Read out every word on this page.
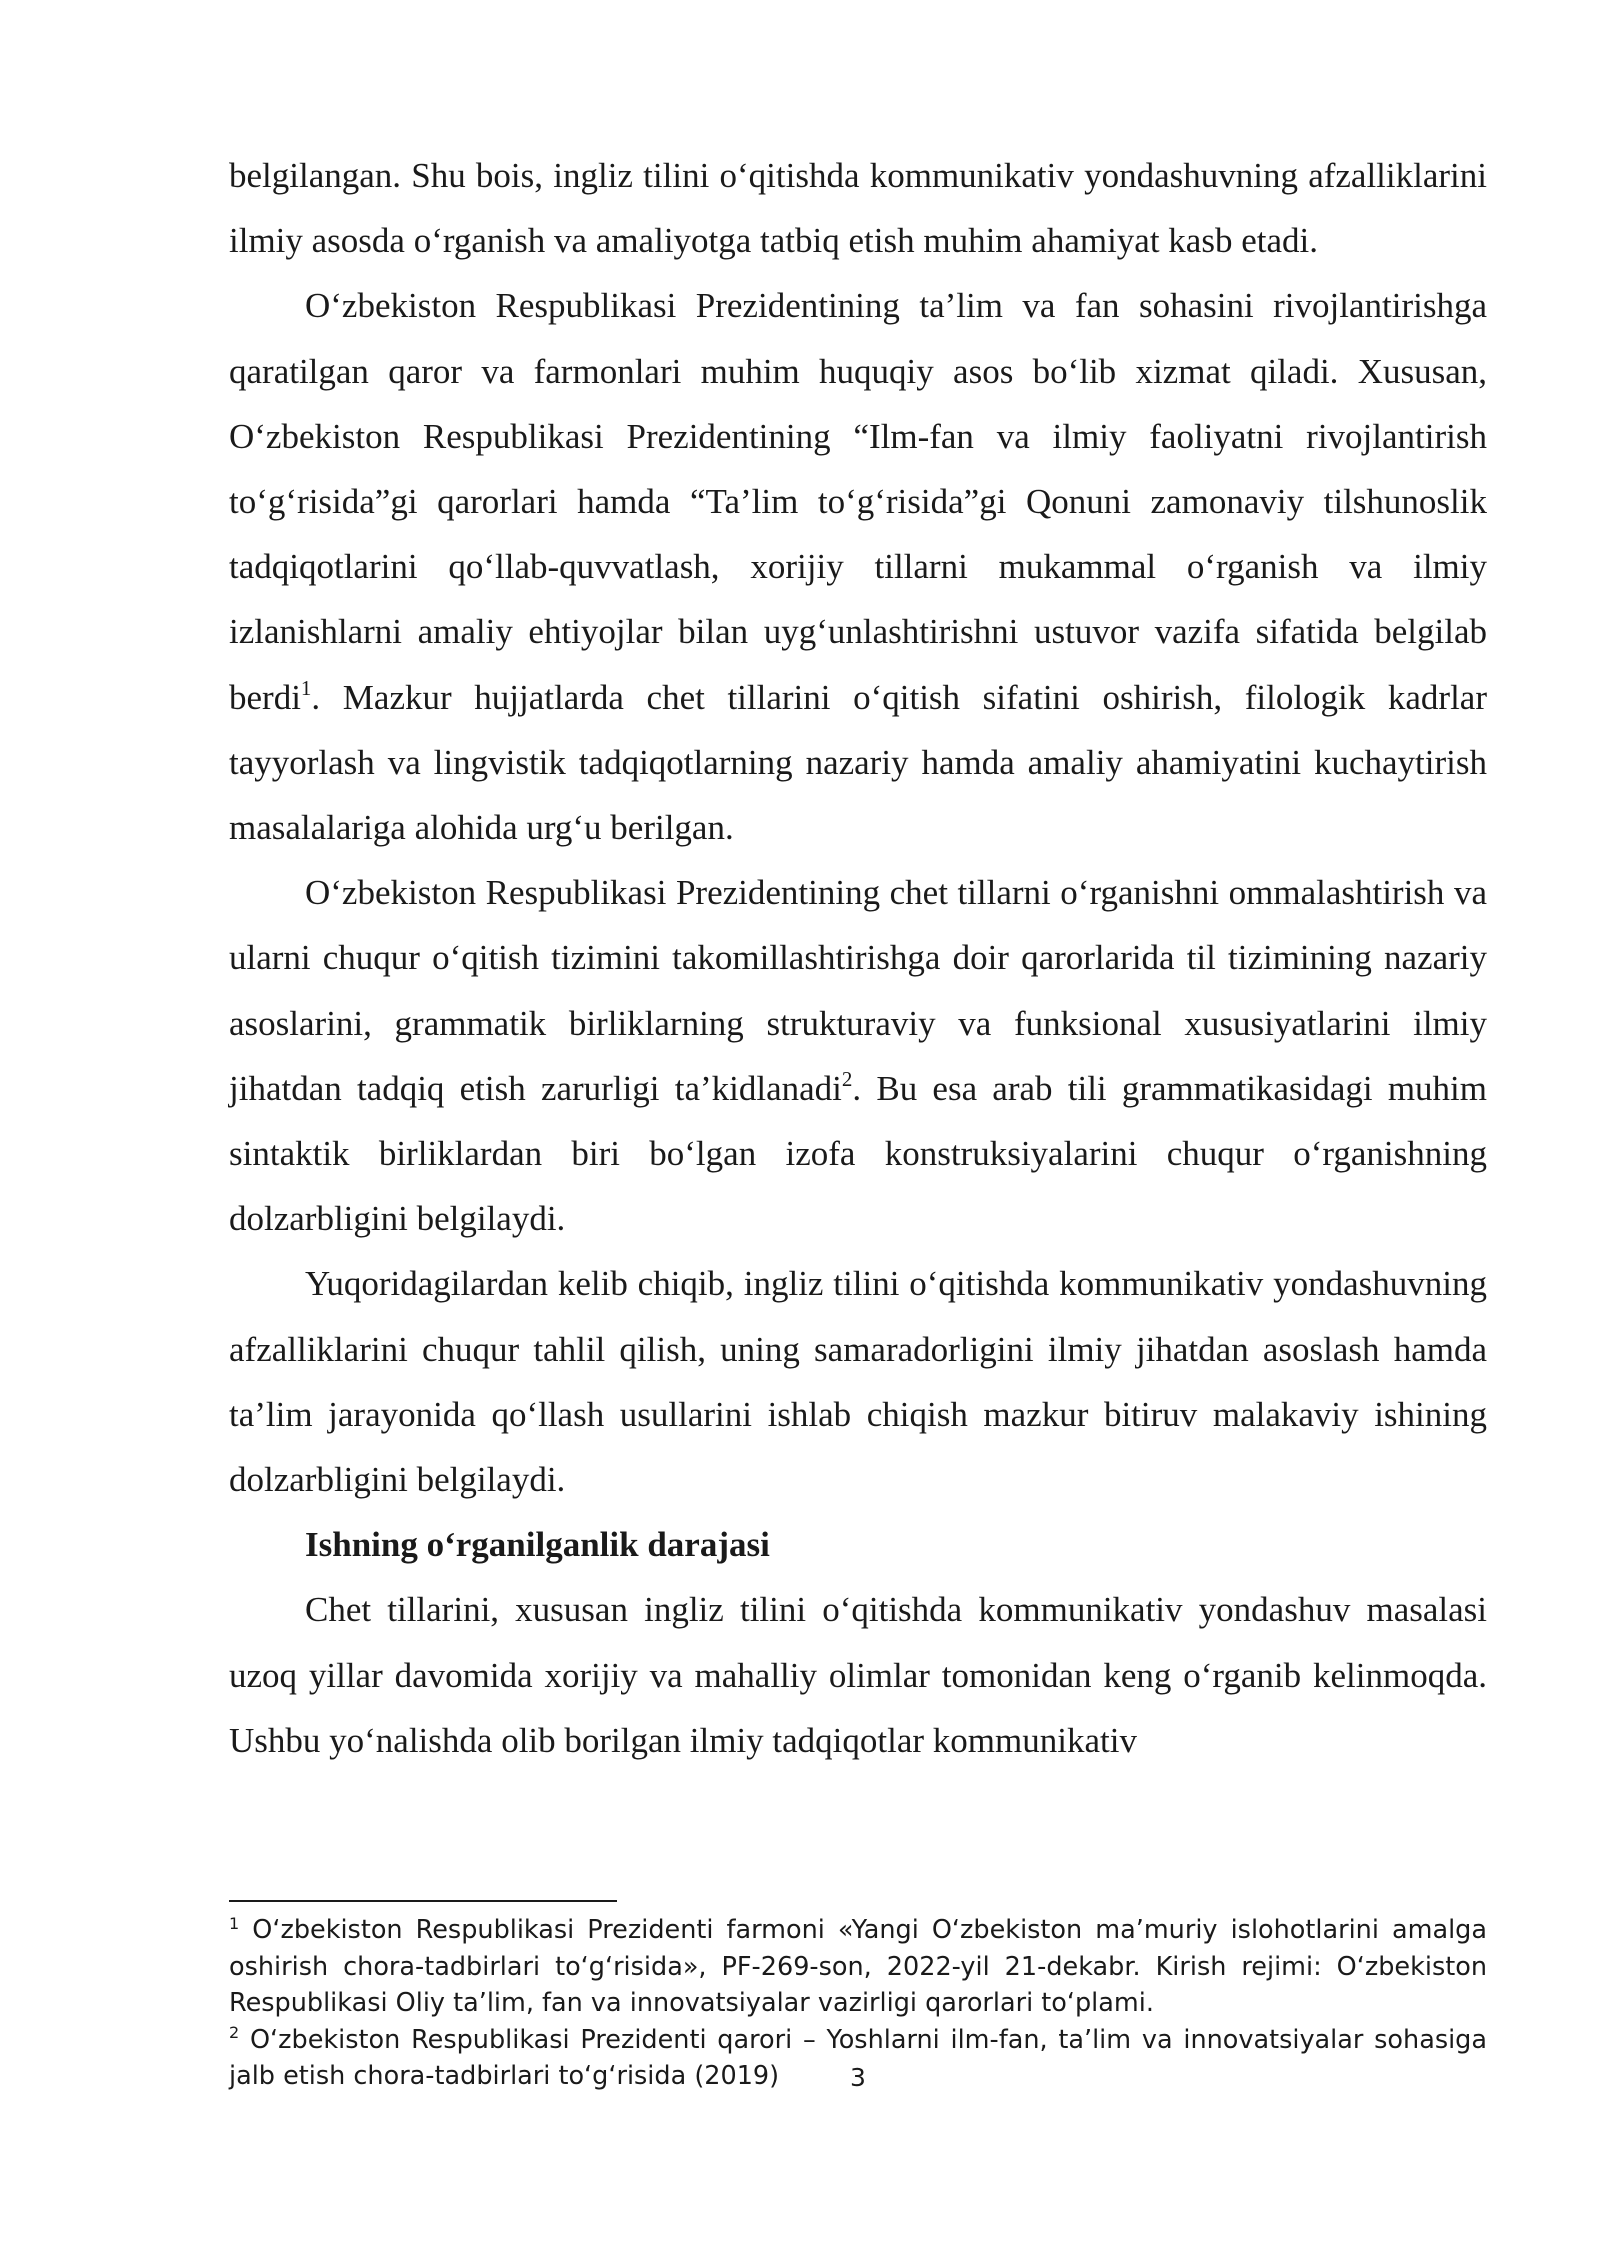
belgilangan. Shu bois, ingliz tilini o‘qitishda kommunikativ yondashuvning afzalliklarini ilmiy asosda o‘rganish va amaliyotga tatbiq etish muhim ahamiyat kasb etadi.

O‘zbekiston Respublikasi Prezidentining ta’lim va fan sohasini rivojlantirishga qaratilgan qaror va farmonlari muhim huquqiy asos bo‘lib xizmat qiladi. Xususan, O‘zbekiston Respublikasi Prezidentining “Ilm-fan va ilmiy faoliyatni rivojlantirish to‘g‘risida”gi qarorlari hamda “Ta’lim to‘g‘risida”gi Qonuni zamonaviy tilshunoslik tadqiqotlarini qo‘llab-quvvatlash, xorijiy tillarni mukammal o‘rganish va ilmiy izlanishlarni amaliy ehtiyojlar bilan uyg‘unlashtirishni ustuvor vazifa sifatida belgilab berdi$^1$. Mazkur hujjatlarda chet tillarini o‘qitish sifatini oshirish, filologik kadrlar tayyorlash va lingvistik tadqiqotlarning nazariy hamda amaliy ahamiyatini kuchaytirish masalalariga alohida urg‘u berilgan.

O‘zbekiston Respublikasi Prezidentining chet tillarni o‘rganishni ommalashtirish va ularni chuqur o‘qitish tizimini takomillashtirishga doir qarorlarida til tizimining nazariy asoslarini, grammatik birliklarning strukturaviy va funksional xususiyatlarini ilmiy jihatdan tadqiq etish zarurligi ta’kidlanadi$^2$. Bu esa arab tili grammatikasidagi muhim sintaktik birliklardan biri bo‘lgan izofa konstruksiyalarini chuqur o‘rganishning dolzarbligini belgilaydi.

Yuqoridagilardan kelib chiqib, ingliz tilini o‘qitishda kommunikativ yondashuvning afzalliklarini chuqur tahlil qilish, uning samaradorligini ilmiy jihatdan asoslash hamda ta’lim jarayonida qo‘llash usullarini ishlab chiqish mazkur bitiruv malakaviy ishining dolzarbligini belgilaydi.

Ishning o‘rganilganlik darajasi

Chet tillarini, xususan ingliz tilini o‘qitishda kommunikativ yondashuv masalasi uzoq yillar davomida xorijiy va mahalliy olimlar tomonidan keng o‘rganib kelinmoqda. Ushbu yo‘nalishda olib borilgan ilmiy tadqiqotlar kommunikativ

$^1$ O‘zbekiston Respublikasi Prezidenti farmoni «Yangi O‘zbekiston ma’muriy islohotlarini amalga oshirish chora-tadbirlari to‘g‘risida», PF-269-son, 2022-yil 21-dekabr. Kirish rejimi: O‘zbekiston Respublikasi Oliy ta’lim, fan va innovatsiyalar vazirligi qarorlari to‘plami.

$^2$ O‘zbekiston Respublikasi Prezidenti qarori – Yoshlarni ilm-fan, ta’lim va innovatsiyalar sohasiga jalb etish chora-tadbirlari to‘g‘risida (2019)	3
